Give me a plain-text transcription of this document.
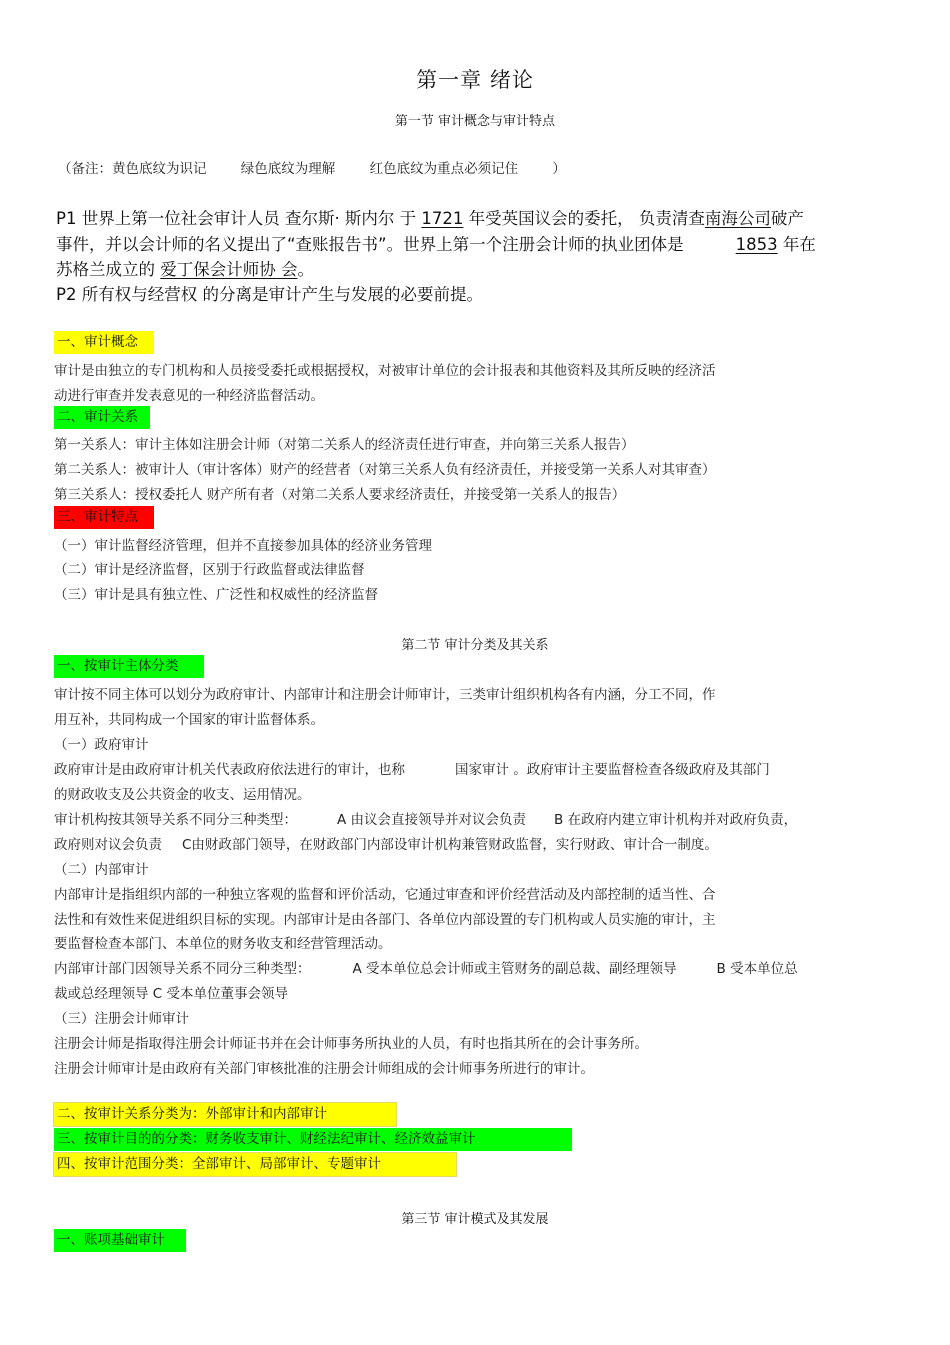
第一章 绪论
第一节 审计概念与审计特点
（备注：黄色底纹为识记	绿色底纹为理解	红色底纹为重点必须记住	）
P1 世界上第一位社会审计人员 查尔斯· 斯内尔 于 1721 年受英国议会的委托， 负责清查南海公司破产
事件，并以会计师的名义提出了“查账报告书”。世界上第一个注册会计师的执业团体是	1853 年在
苏格兰成立的 爱丁保会计师协 会。
P2 所有权与经营权 的分离是审计产生与发展的必要前提。
一、审计概念
审计是由独立的专门机构和人员接受委托或根据授权，对被审计单位的会计报表和其他资料及其所反映的经济活
动进行审查并发表意见的一种经济监督活动。
二、审计关系
第一关系人：审计主体如注册会计师（对第二关系人的经济责任进行审查，并向第三关系人报告）
第二关系人：被审计人（审计客体）财产的经营者（对第三关系人负有经济责任，并接受第一关系人对其审查）
第三关系人：授权委托人 财产所有者（对第二关系人要求经济责任，并接受第一关系人的报告）
三、审计特点
（一）审计监督经济管理，但并不直接参加具体的经济业务管理
（二）审计是经济监督，区别于行政监督或法律监督
（三）审计是具有独立性、广泛性和权威性的经济监督
第二节 审计分类及其关系
一、按审计主体分类
审计按不同主体可以划分为政府审计、内部审计和注册会计师审计，三类审计组织机构各有内涵，分工不同，作
用互补，共同构成一个国家的审计监督体系。
（一）政府审计
政府审计是由政府审计机关代表政府依法进行的审计，也称	国家审计 。政府审计主要监督检查各级政府及其部门
的财政收支及公共资金的收支、运用情况。
审计机构按其领导关系不同分三种类型：	A 由议会直接领导并对议会负责 B 在政府内建立审计机构并对政府负责，
政府则对议会负责 C由财政部门领导，在财政部门内部设审计机构兼管财政监督，实行财政、审计合一制度。
（二）内部审计
内部审计是指组织内部的一种独立客观的监督和评价活动，它通过审查和评价经营活动及内部控制的适当性、合
法性和有效性来促进组织目标的实现。内部审计是由各部门、各单位内部设置的专门机构或人员实施的审计，主
要监督检查本部门、本单位的财务收支和经营管理活动。
内部审计部门因领导关系不同分三种类型：	A 受本单位总会计师或主管财务的副总裁、副经理领导	B 受本单位总
裁或总经理领导 C 受本单位董事会领导
（三）注册会计师审计
注册会计师是指取得注册会计师证书并在会计师事务所执业的人员，有时也指其所在的会计事务所。
注册会计师审计是由政府有关部门审核批准的注册会计师组成的会计师事务所进行的审计。
二、按审计关系分类为：外部审计和内部审计
三、按审计目的的分类：财务收支审计、财经法纪审计、经济效益审计
四、按审计范围分类：全部审计、局部审计、专题审计
第三节 审计模式及其发展
一、账项基础审计
